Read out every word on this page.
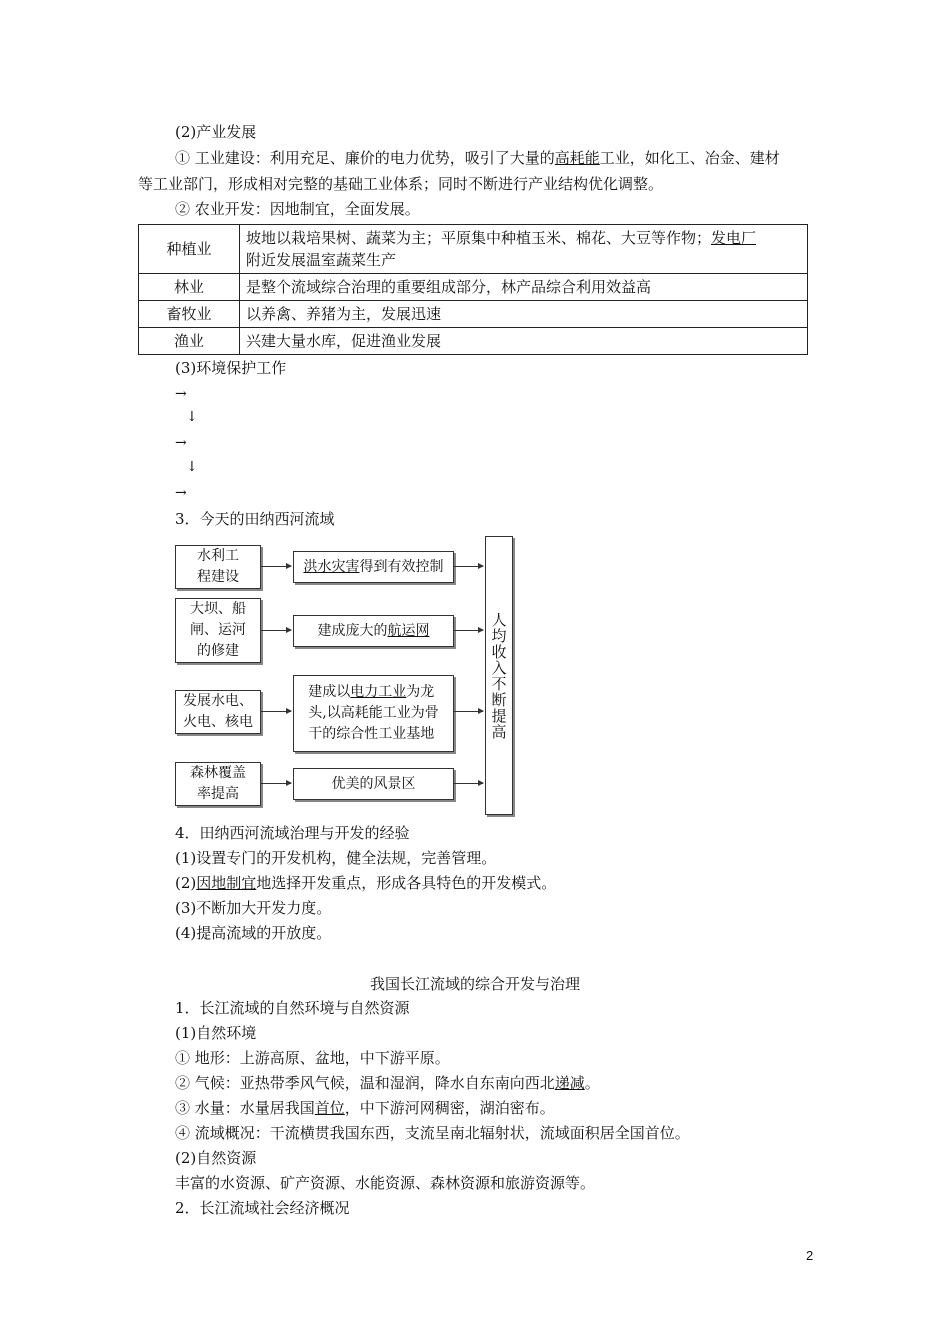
(2)产业发展
① 工业建设：利用充足、廉价的电力优势，吸引了大量的高耗能工业，如化工、冶金、建材
等工业部门，形成相对完整的基础工业体系；同时不断进行产业结构优化调整。
② 农业开发：因地制宜，全面发展。
种植业	坡地以栽培果树、蔬菜为主；平原集中种植玉米、棉花、大豆等作物；发电厂
附近发展温室蔬菜生产
林业	是整个流域综合治理的重要组成部分，林产品综合利用效益高
畜牧业	以养禽、养猪为主，发展迅速
渔业	兴建大量水库，促进渔业发展
(3)环境保护工作
→
↓
→
↓
→
3．今天的田纳西河流域
水利工
程建设
洪水灾害得到有效控制
大坝、船
闸、运河
的修建
建成庞大的航运网
发展水电、
火电、核电
建成以电力工业为龙
头,以高耗能工业为骨
干的综合性工业基地
森林覆盖
率提高
优美的风景区
人均收入不断提高
4．田纳西河流域治理与开发的经验
(1)设置专门的开发机构，健全法规，完善管理。
(2)因地制宜地选择开发重点，形成各具特色的开发模式。
(3)不断加大开发力度。
(4)提高流域的开放度。
我国长江流域的综合开发与治理
1．长江流域的自然环境与自然资源
(1)自然环境
① 地形：上游高原、盆地，中下游平原。
② 气候：亚热带季风气候，温和湿润，降水自东南向西北递减。
③ 水量：水量居我国首位，中下游河网稠密，湖泊密布。
④ 流域概况：干流横贯我国东西，支流呈南北辐射状，流域面积居全国首位。
(2)自然资源
丰富的水资源、矿产资源、水能资源、森林资源和旅游资源等。
2．长江流域社会经济概况
2
